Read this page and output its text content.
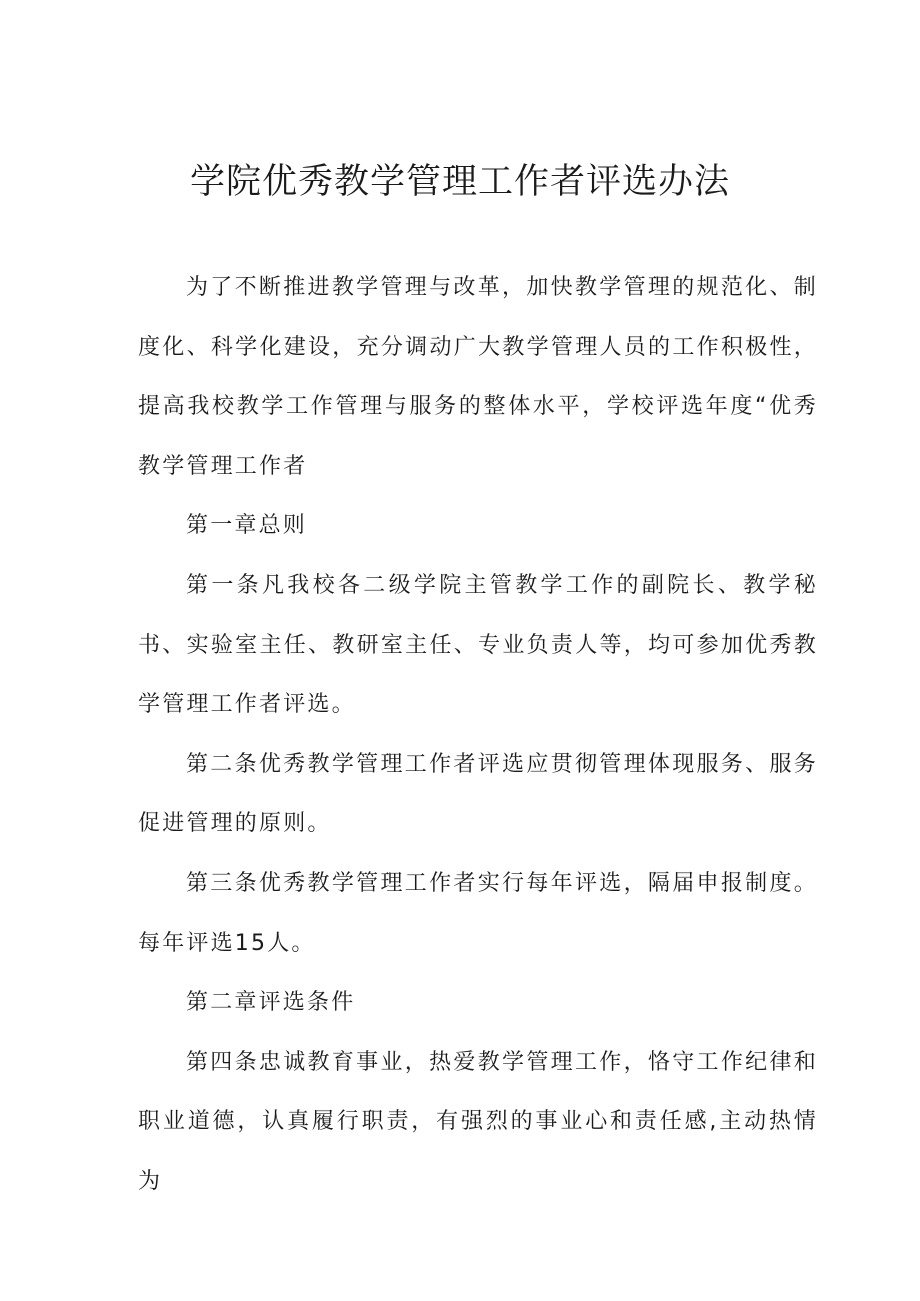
学院优秀教学管理工作者评选办法

为了不断推进教学管理与改革，加快教学管理的规范化、制度化、科学化建设，充分调动广大教学管理人员的工作积极性，提高我校教学工作管理与服务的整体水平，学校评选年度“优秀教学管理工作者

第一章总则

第一条凡我校各二级学院主管教学工作的副院长、教学秘书、实验室主任、教研室主任、专业负责人等，均可参加优秀教学管理工作者评选。

第二条优秀教学管理工作者评选应贯彻管理体现服务、服务促进管理的原则。

第三条优秀教学管理工作者实行每年评选，隔届申报制度。每年评选15人。

第二章评选条件

第四条忠诚教育事业，热爱教学管理工作，恪守工作纪律和职业道德，认真履行职责，有强烈的事业心和责任感,主动热情为
